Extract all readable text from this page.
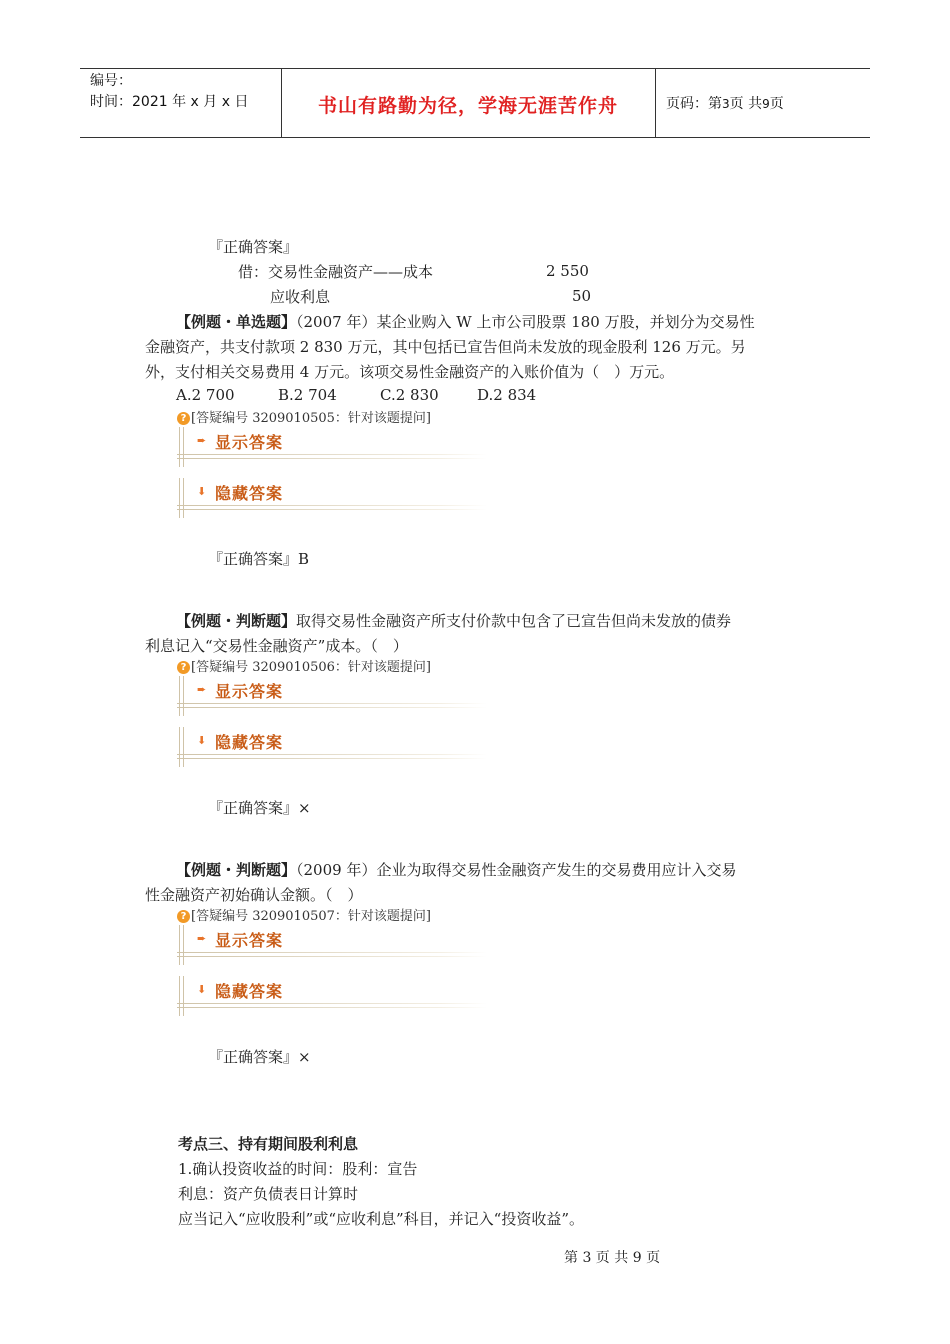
编号：
时间：2021 年 x 月 x 日	书山有路勤为径，学海无涯苦作舟	页码：第3页 共9页
『正确答案』
借：交易性金融资产——成本	2 550
应收利息	50
【例题・单选题】（2007 年）某企业购入 W 上市公司股票 180 万股，并划分为交易性
金融资产，共支付款项 2 830 万元，其中包括已宣告但尚未发放的现金股利 126 万元。另
外，支付相关交易费用 4 万元。该项交易性金融资产的入账价值为（　）万元。
A.2 700	B.2 704	C.2 830	D.2 834
? [答疑编号 3209010505：针对该题提问]
➨ 显示答案
⬇ 隐藏答案
『正确答案』B
【例题・判断题】取得交易性金融资产所支付价款中包含了已宣告但尚未发放的债券
利息记入“交易性金融资产”成本。（　）
? [答疑编号 3209010506：针对该题提问]
➨ 显示答案
⬇ 隐藏答案
『正确答案』×
【例题・判断题】（2009 年）企业为取得交易性金融资产发生的交易费用应计入交易
性金融资产初始确认金额。（　）
? [答疑编号 3209010507：针对该题提问]
➨ 显示答案
⬇ 隐藏答案
『正确答案』×
考点三、持有期间股利利息
1.确认投资收益的时间：股利：宣告
利息：资产负债表日计算时
应当记入“应收股利”或“应收利息”科目，并记入“投资收益”。
第 3 页 共 9 页
